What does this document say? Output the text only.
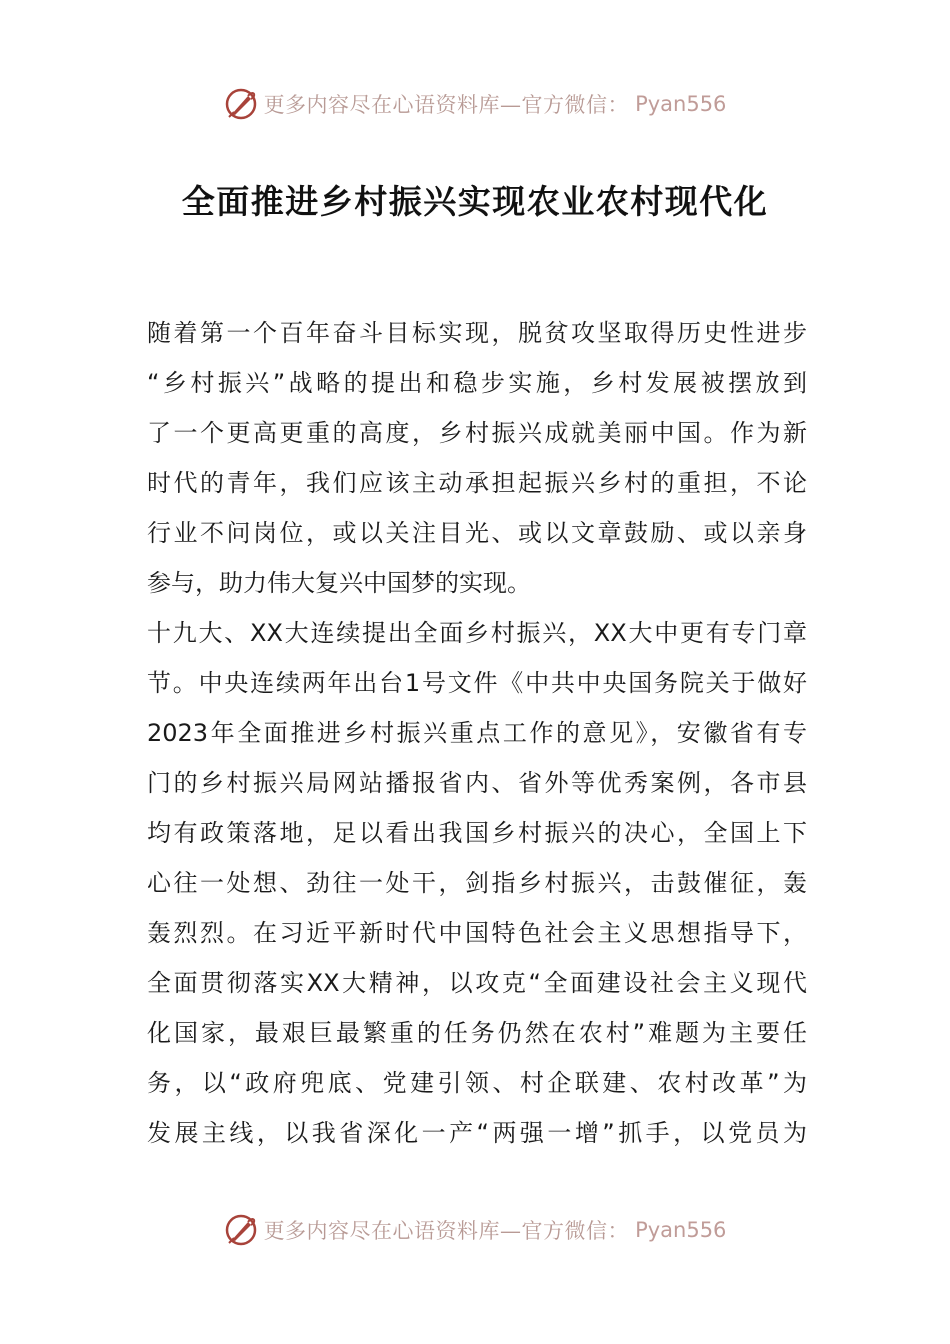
更多内容尽在心语资料库—官方微信： Pyan556
全面推进乡村振兴实现农业农村现代化
随着第一个百年奋斗目标实现，脱贫攻坚取得历史性进步
“乡村振兴”战略的提出和稳步实施，乡村发展被摆放到
了一个更高更重的高度，乡村振兴成就美丽中国。作为新
时代的青年，我们应该主动承担起振兴乡村的重担，不论
行业不问岗位，或以关注目光、或以文章鼓励、或以亲身
参与，助力伟大复兴中国梦的实现。
十九大、XX大连续提出全面乡村振兴，XX大中更有专门章
节。中央连续两年出台1号文件《中共中央国务院关于做好
2023年全面推进乡村振兴重点工作的意见》，安徽省有专
门的乡村振兴局网站播报省内、省外等优秀案例，各市县
均有政策落地，足以看出我国乡村振兴的决心，全国上下
心往一处想、劲往一处干，剑指乡村振兴，击鼓催征，轰
轰烈烈。在习近平新时代中国特色社会主义思想指导下，
全面贯彻落实XX大精神，以攻克“全面建设社会主义现代
化国家，最艰巨最繁重的任务仍然在农村”难题为主要任
务，以“政府兜底、党建引领、村企联建、农村改革”为
发展主线，以我省深化一产“两强一增”抓手，以党员为
更多内容尽在心语资料库—官方微信： Pyan556
